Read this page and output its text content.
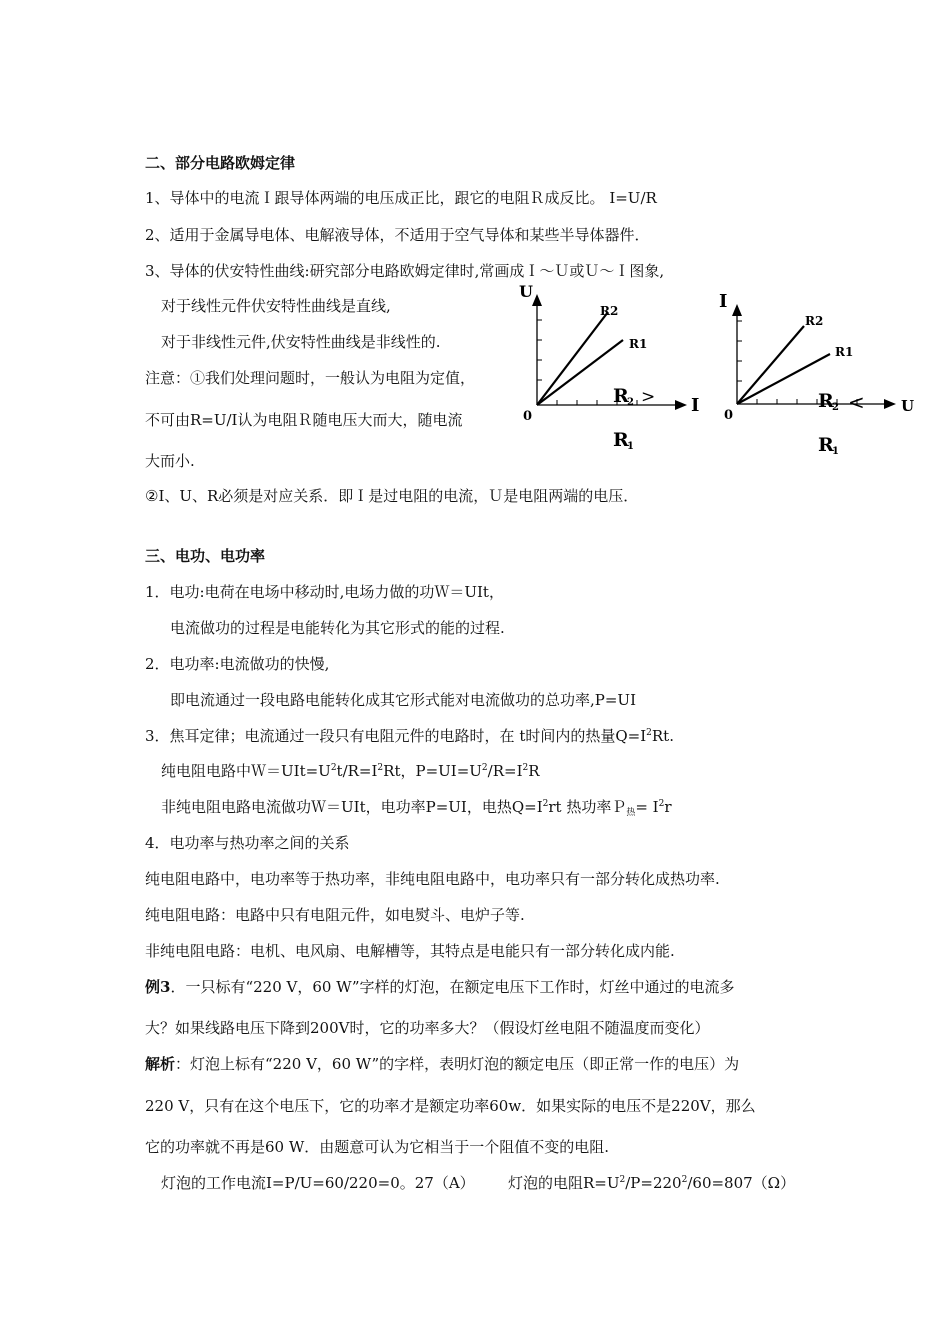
二、部分电路欧姆定律
1、导体中的电流Ｉ跟导体两端的电压成正比，跟它的电阻Ｒ成反比。 I=U/R
2、适用于金属导电体、电解液导体，不适用于空气导体和某些半导体器件．
3、导体的伏安特性曲线:研究部分电路欧姆定律时,常画成Ｉ～Ｕ或Ｕ～Ｉ图象,
对于线性元件伏安特性曲线是直线,
对于非线性元件,伏安特性曲线是非线性的.
注意：①我们处理问题时，一般认为电阻为定值，
不可由R=U/I认为电阻Ｒ随电压大而大，随电流
大而小.
②I、U、R必须是对应关系．即Ｉ是过电阻的电流，Ｕ是电阻两端的电压．
U
I
0
R2
R1
R
2 >
R
1
I
U
0
R2
R1
R
2 <
R
1
三、电功、电功率
1．电功:电荷在电场中移动时,电场力做的功Ｗ＝UIt，
电流做功的过程是电能转化为其它形式的能的过程.
2．电功率:电流做功的快慢,
即电流通过一段电路电能转化成其它形式能对电流做功的总功率,P=UI
3．焦耳定律；电流通过一段只有电阻元件的电路时，在 t时间内的热量$Q=I^2Rt$.
纯电阻电路中$W=UIt=U^2t/R=I^2Rt$，$P=UI=U^2/R=I^2R$
非纯电阻电路电流做功Ｗ＝UIt，电功率P=UI，电热$Q=I^2rt$ 热功率Ｐ$_热$= $I^2r$
4．电功率与热功率之间的关系
纯电阻电路中，电功率等于热功率，非纯电阻电路中，电功率只有一部分转化成热功率.
纯电阻电路：电路中只有电阻元件，如电熨斗、电炉子等.
非纯电阻电路：电机、电风扇、电解槽等，其特点是电能只有一部分转化成内能.
例3．一只标有“220 V，60 W”字样的灯泡，在额定电压下工作时，灯丝中通过的电流多
大？如果线路电压下降到200V时，它的功率多大？（假设灯丝电阻不随温度而变化）
解析：灯泡上标有“220 V，60 W”的字样，表明灯泡的额定电压（即正常一作的电压）为
220 V，只有在这个电压下，它的功率才是额定功率60w．如果实际的电压不是220V，那么
它的功率就不再是60 W．由题意可认为它相当于一个阻值不变的电阻.
灯泡的工作电流I=P/U=60/220=0。27（A） 灯泡的电阻$R=U^2/P=220^2/60=807(\Omega)$
